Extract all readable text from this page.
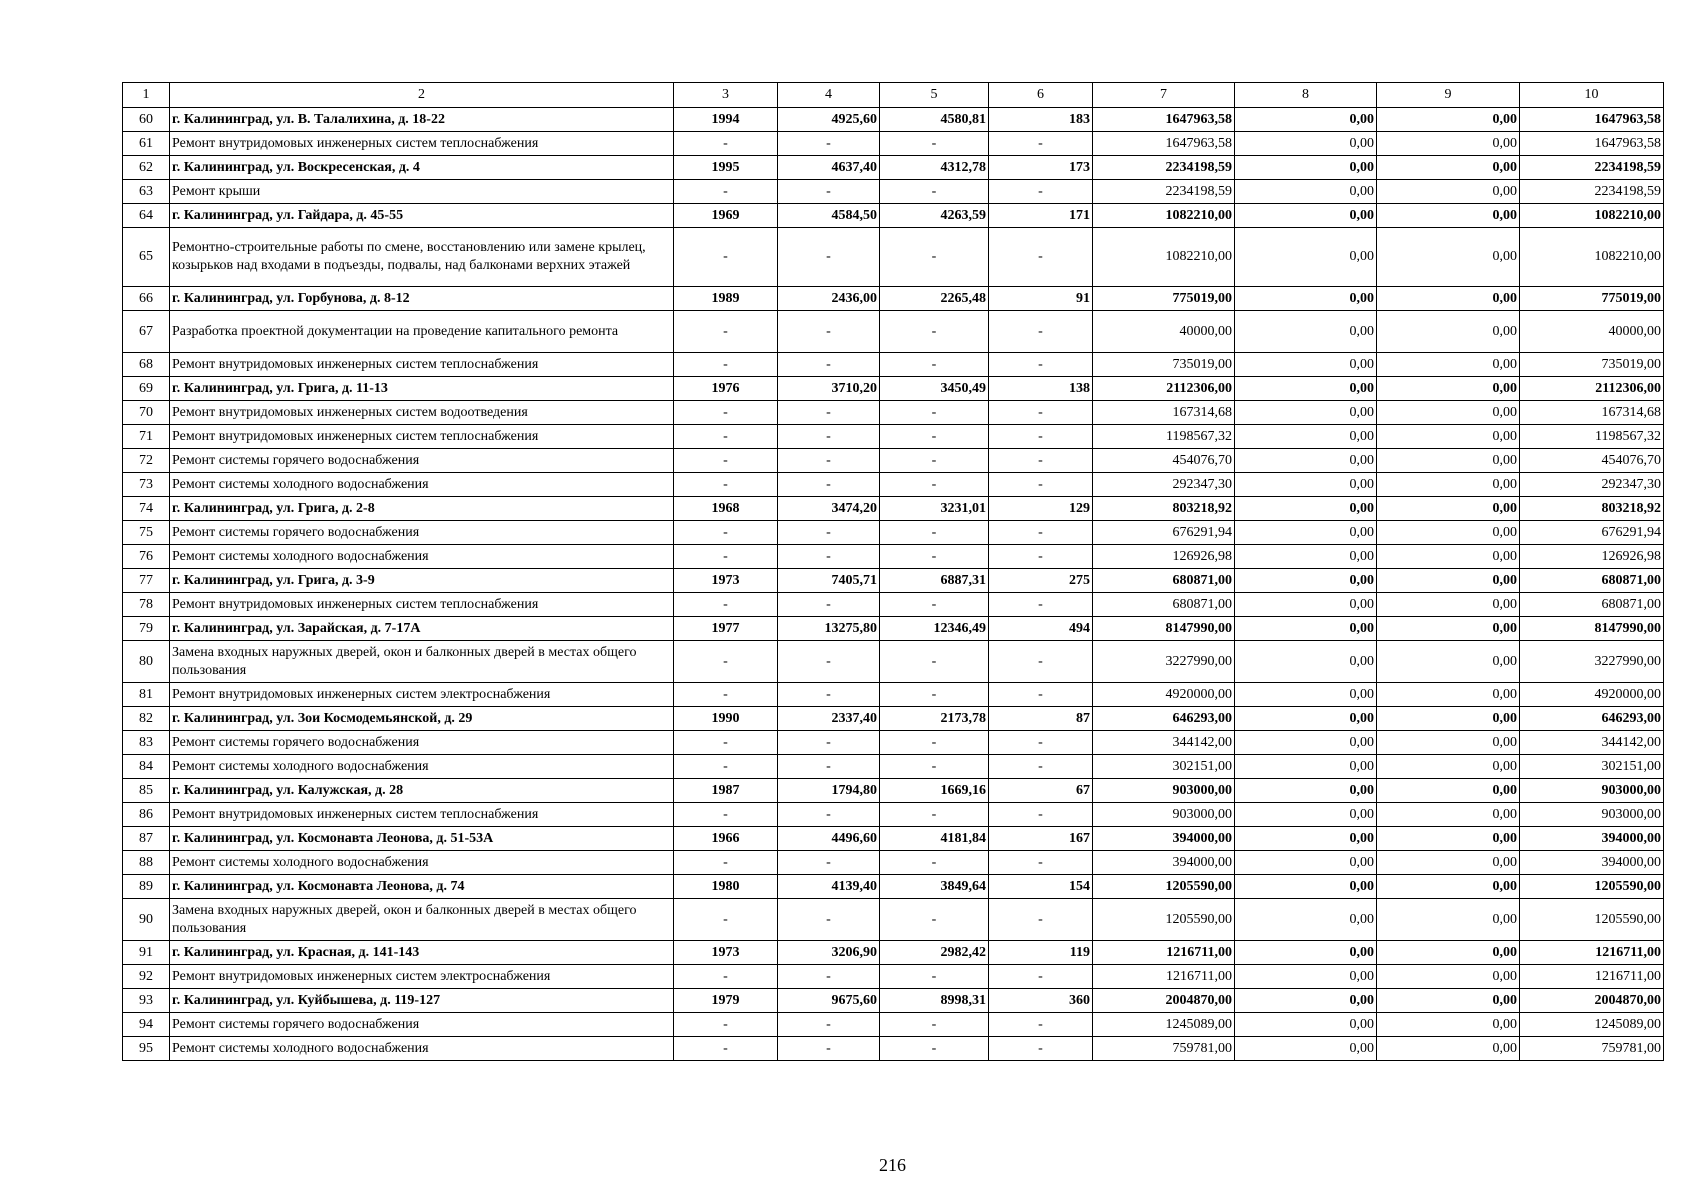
1	2	3	4	5	6	7	8	9	10
60	г. Калининград, ул. В. Талалихина, д. 18-22	1994	4925,60	4580,81	183	1647963,58	0,00	0,00	1647963,58
61	Ремонт внутридомовых инженерных систем теплоснабжения	-	-	-	-	1647963,58	0,00	0,00	1647963,58
62	г. Калининград, ул. Воскресенская, д. 4	1995	4637,40	4312,78	173	2234198,59	0,00	0,00	2234198,59
63	Ремонт крыши	-	-	-	-	2234198,59	0,00	0,00	2234198,59
64	г. Калининград, ул. Гайдара, д. 45-55	1969	4584,50	4263,59	171	1082210,00	0,00	0,00	1082210,00
65	Ремонтно-строительные работы по смене, восстановлению или замене крылец, козырьков над входами в подъезды, подвалы, над балконами верхних этажей	-	-	-	-	1082210,00	0,00	0,00	1082210,00
66	г. Калининград, ул. Горбунова, д. 8-12	1989	2436,00	2265,48	91	775019,00	0,00	0,00	775019,00
67	Разработка проектной документации на проведение капитального ремонта	-	-	-	-	40000,00	0,00	0,00	40000,00
68	Ремонт внутридомовых инженерных систем теплоснабжения	-	-	-	-	735019,00	0,00	0,00	735019,00
69	г. Калининград, ул. Грига, д. 11-13	1976	3710,20	3450,49	138	2112306,00	0,00	0,00	2112306,00
70	Ремонт внутридомовых инженерных систем водоотведения	-	-	-	-	167314,68	0,00	0,00	167314,68
71	Ремонт внутридомовых инженерных систем теплоснабжения	-	-	-	-	1198567,32	0,00	0,00	1198567,32
72	Ремонт системы горячего водоснабжения	-	-	-	-	454076,70	0,00	0,00	454076,70
73	Ремонт системы холодного водоснабжения	-	-	-	-	292347,30	0,00	0,00	292347,30
74	г. Калининград, ул. Грига, д. 2-8	1968	3474,20	3231,01	129	803218,92	0,00	0,00	803218,92
75	Ремонт системы горячего водоснабжения	-	-	-	-	676291,94	0,00	0,00	676291,94
76	Ремонт системы холодного водоснабжения	-	-	-	-	126926,98	0,00	0,00	126926,98
77	г. Калининград, ул. Грига, д. 3-9	1973	7405,71	6887,31	275	680871,00	0,00	0,00	680871,00
78	Ремонт внутридомовых инженерных систем теплоснабжения	-	-	-	-	680871,00	0,00	0,00	680871,00
79	г. Калининград, ул. Зарайская, д. 7-17А	1977	13275,80	12346,49	494	8147990,00	0,00	0,00	8147990,00
80	Замена входных наружных дверей, окон и балконных дверей в местах общего пользования	-	-	-	-	3227990,00	0,00	0,00	3227990,00
81	Ремонт внутридомовых инженерных систем электроснабжения	-	-	-	-	4920000,00	0,00	0,00	4920000,00
82	г. Калининград, ул. Зои Космодемьянской, д. 29	1990	2337,40	2173,78	87	646293,00	0,00	0,00	646293,00
83	Ремонт системы горячего водоснабжения	-	-	-	-	344142,00	0,00	0,00	344142,00
84	Ремонт системы холодного водоснабжения	-	-	-	-	302151,00	0,00	0,00	302151,00
85	г. Калининград, ул. Калужская, д. 28	1987	1794,80	1669,16	67	903000,00	0,00	0,00	903000,00
86	Ремонт внутридомовых инженерных систем теплоснабжения	-	-	-	-	903000,00	0,00	0,00	903000,00
87	г. Калининград, ул. Космонавта Леонова, д. 51-53А	1966	4496,60	4181,84	167	394000,00	0,00	0,00	394000,00
88	Ремонт системы холодного водоснабжения	-	-	-	-	394000,00	0,00	0,00	394000,00
89	г. Калининград, ул. Космонавта Леонова, д. 74	1980	4139,40	3849,64	154	1205590,00	0,00	0,00	1205590,00
90	Замена входных наружных дверей, окон и балконных дверей в местах общего пользования	-	-	-	-	1205590,00	0,00	0,00	1205590,00
91	г. Калининград, ул. Красная, д. 141-143	1973	3206,90	2982,42	119	1216711,00	0,00	0,00	1216711,00
92	Ремонт внутридомовых инженерных систем электроснабжения	-	-	-	-	1216711,00	0,00	0,00	1216711,00
93	г. Калининград, ул. Куйбышева, д. 119-127	1979	9675,60	8998,31	360	2004870,00	0,00	0,00	2004870,00
94	Ремонт системы горячего водоснабжения	-	-	-	-	1245089,00	0,00	0,00	1245089,00
95	Ремонт системы холодного водоснабжения	-	-	-	-	759781,00	0,00	0,00	759781,00
216
